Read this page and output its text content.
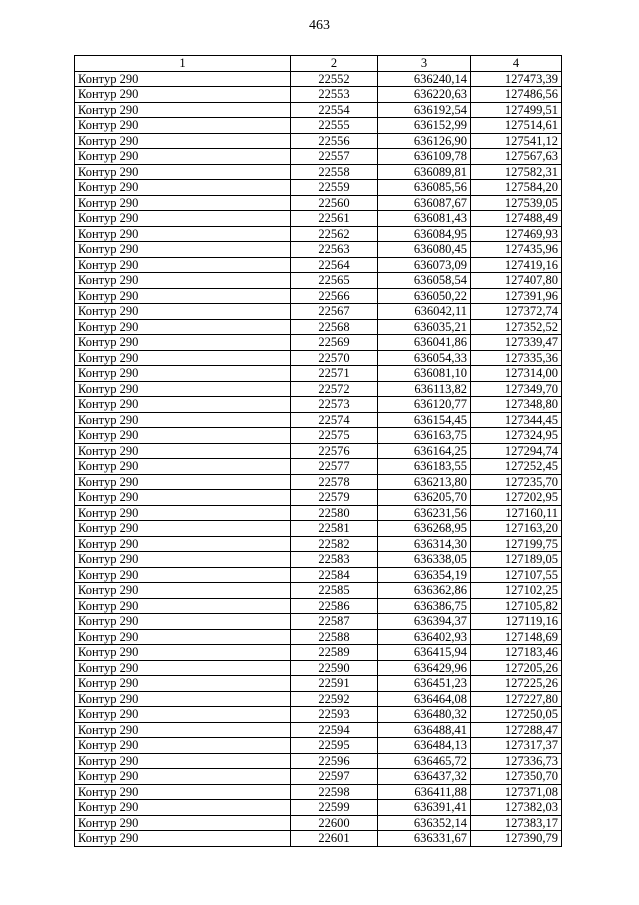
463
1	2	3	4
Контур 290	22552	636240,14	127473,39
Контур 290	22553	636220,63	127486,56
Контур 290	22554	636192,54	127499,51
Контур 290	22555	636152,99	127514,61
Контур 290	22556	636126,90	127541,12
Контур 290	22557	636109,78	127567,63
Контур 290	22558	636089,81	127582,31
Контур 290	22559	636085,56	127584,20
Контур 290	22560	636087,67	127539,05
Контур 290	22561	636081,43	127488,49
Контур 290	22562	636084,95	127469,93
Контур 290	22563	636080,45	127435,96
Контур 290	22564	636073,09	127419,16
Контур 290	22565	636058,54	127407,80
Контур 290	22566	636050,22	127391,96
Контур 290	22567	636042,11	127372,74
Контур 290	22568	636035,21	127352,52
Контур 290	22569	636041,86	127339,47
Контур 290	22570	636054,33	127335,36
Контур 290	22571	636081,10	127314,00
Контур 290	22572	636113,82	127349,70
Контур 290	22573	636120,77	127348,80
Контур 290	22574	636154,45	127344,45
Контур 290	22575	636163,75	127324,95
Контур 290	22576	636164,25	127294,74
Контур 290	22577	636183,55	127252,45
Контур 290	22578	636213,80	127235,70
Контур 290	22579	636205,70	127202,95
Контур 290	22580	636231,56	127160,11
Контур 290	22581	636268,95	127163,20
Контур 290	22582	636314,30	127199,75
Контур 290	22583	636338,05	127189,05
Контур 290	22584	636354,19	127107,55
Контур 290	22585	636362,86	127102,25
Контур 290	22586	636386,75	127105,82
Контур 290	22587	636394,37	127119,16
Контур 290	22588	636402,93	127148,69
Контур 290	22589	636415,94	127183,46
Контур 290	22590	636429,96	127205,26
Контур 290	22591	636451,23	127225,26
Контур 290	22592	636464,08	127227,80
Контур 290	22593	636480,32	127250,05
Контур 290	22594	636488,41	127288,47
Контур 290	22595	636484,13	127317,37
Контур 290	22596	636465,72	127336,73
Контур 290	22597	636437,32	127350,70
Контур 290	22598	636411,88	127371,08
Контур 290	22599	636391,41	127382,03
Контур 290	22600	636352,14	127383,17
Контур 290	22601	636331,67	127390,79
